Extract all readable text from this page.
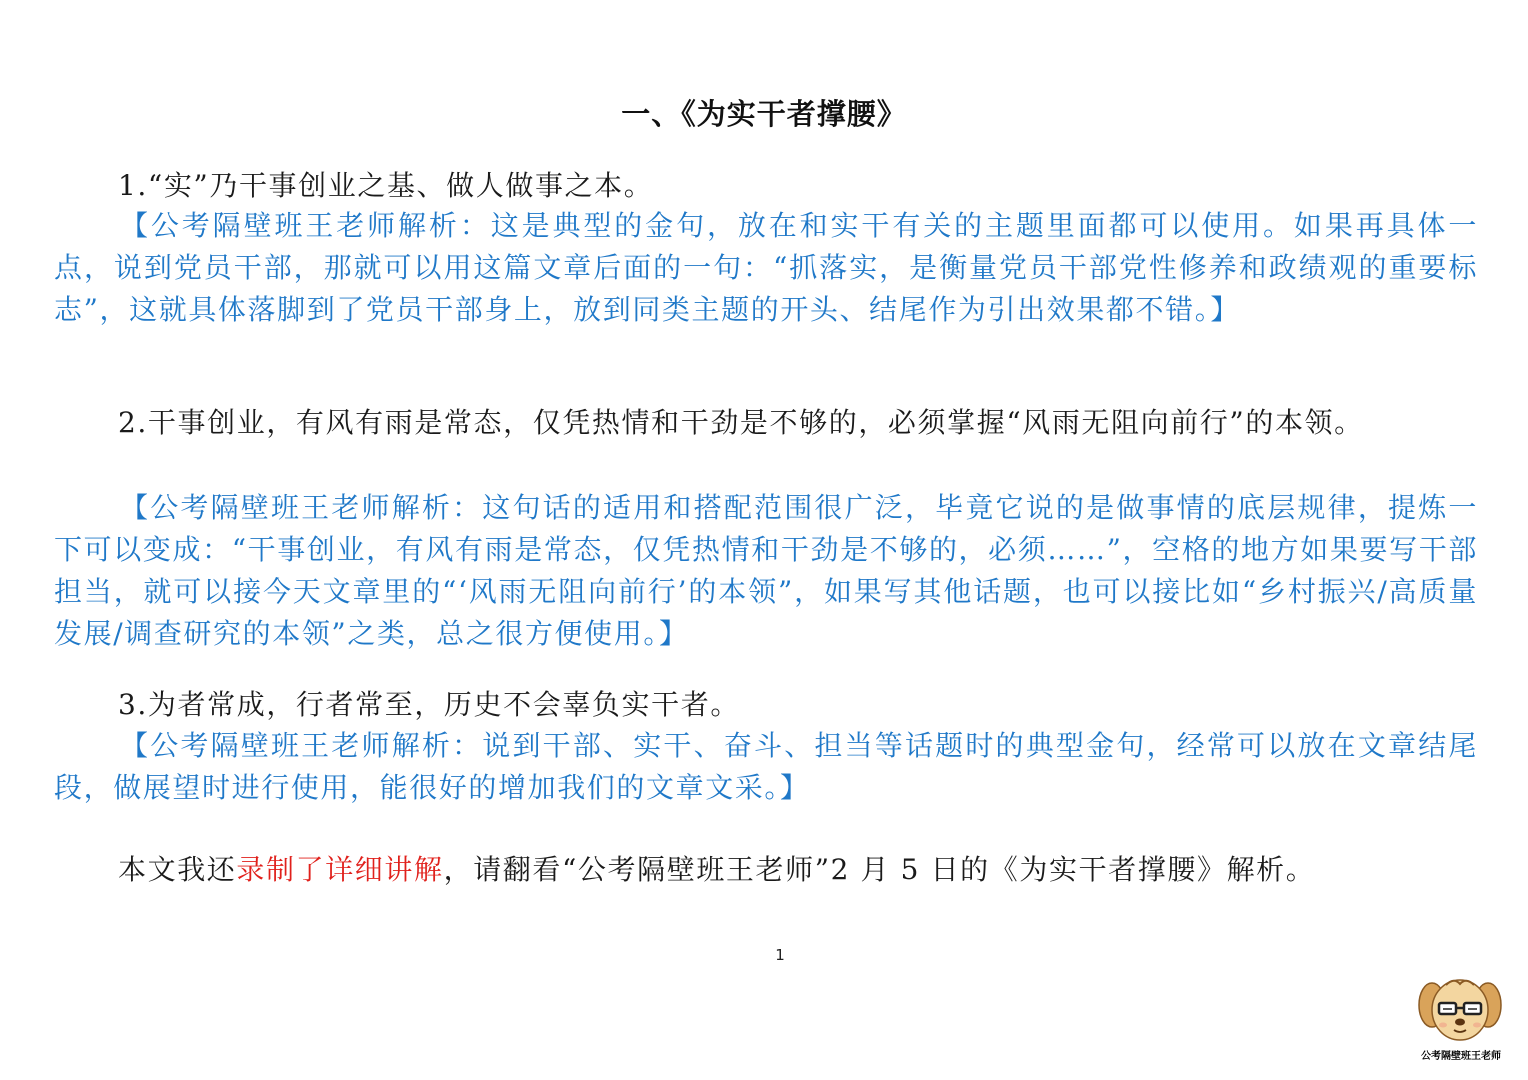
一、《为实干者撑腰》

1.“实”乃干事创业之基、做人做事之本。

【公考隔壁班王老师解析：这是典型的金句，放在和实干有关的主题里面都可以使用。如果再具体一点，说到党员干部，那就可以用这篇文章后面的一句：“抓落实，是衡量党员干部党性修养和政绩观的重要标志”，这就具体落脚到了党员干部身上，放到同类主题的开头、结尾作为引出效果都不错。】

2.干事创业，有风有雨是常态，仅凭热情和干劲是不够的，必须掌握“风雨无阻向前行”的本领。

【公考隔壁班王老师解析：这句话的适用和搭配范围很广泛，毕竟它说的是做事情的底层规律，提炼一下可以变成：“干事创业，有风有雨是常态，仅凭热情和干劲是不够的，必须……”，空格的地方如果要写干部担当，就可以接今天文章里的“‘风雨无阻向前行’的本领”，如果写其他话题，也可以接比如“乡村振兴/高质量发展/调查研究的本领”之类，总之很方便使用。】

3.为者常成，行者常至，历史不会辜负实干者。

【公考隔壁班王老师解析：说到干部、实干、奋斗、担当等话题时的典型金句，经常可以放在文章结尾段，做展望时进行使用，能很好的增加我们的文章文采。】

本文我还录制了详细讲解，请翻看“公考隔壁班王老师”2 月 5 日的《为实干者撑腰》解析。

1
公考隔壁班王老师
